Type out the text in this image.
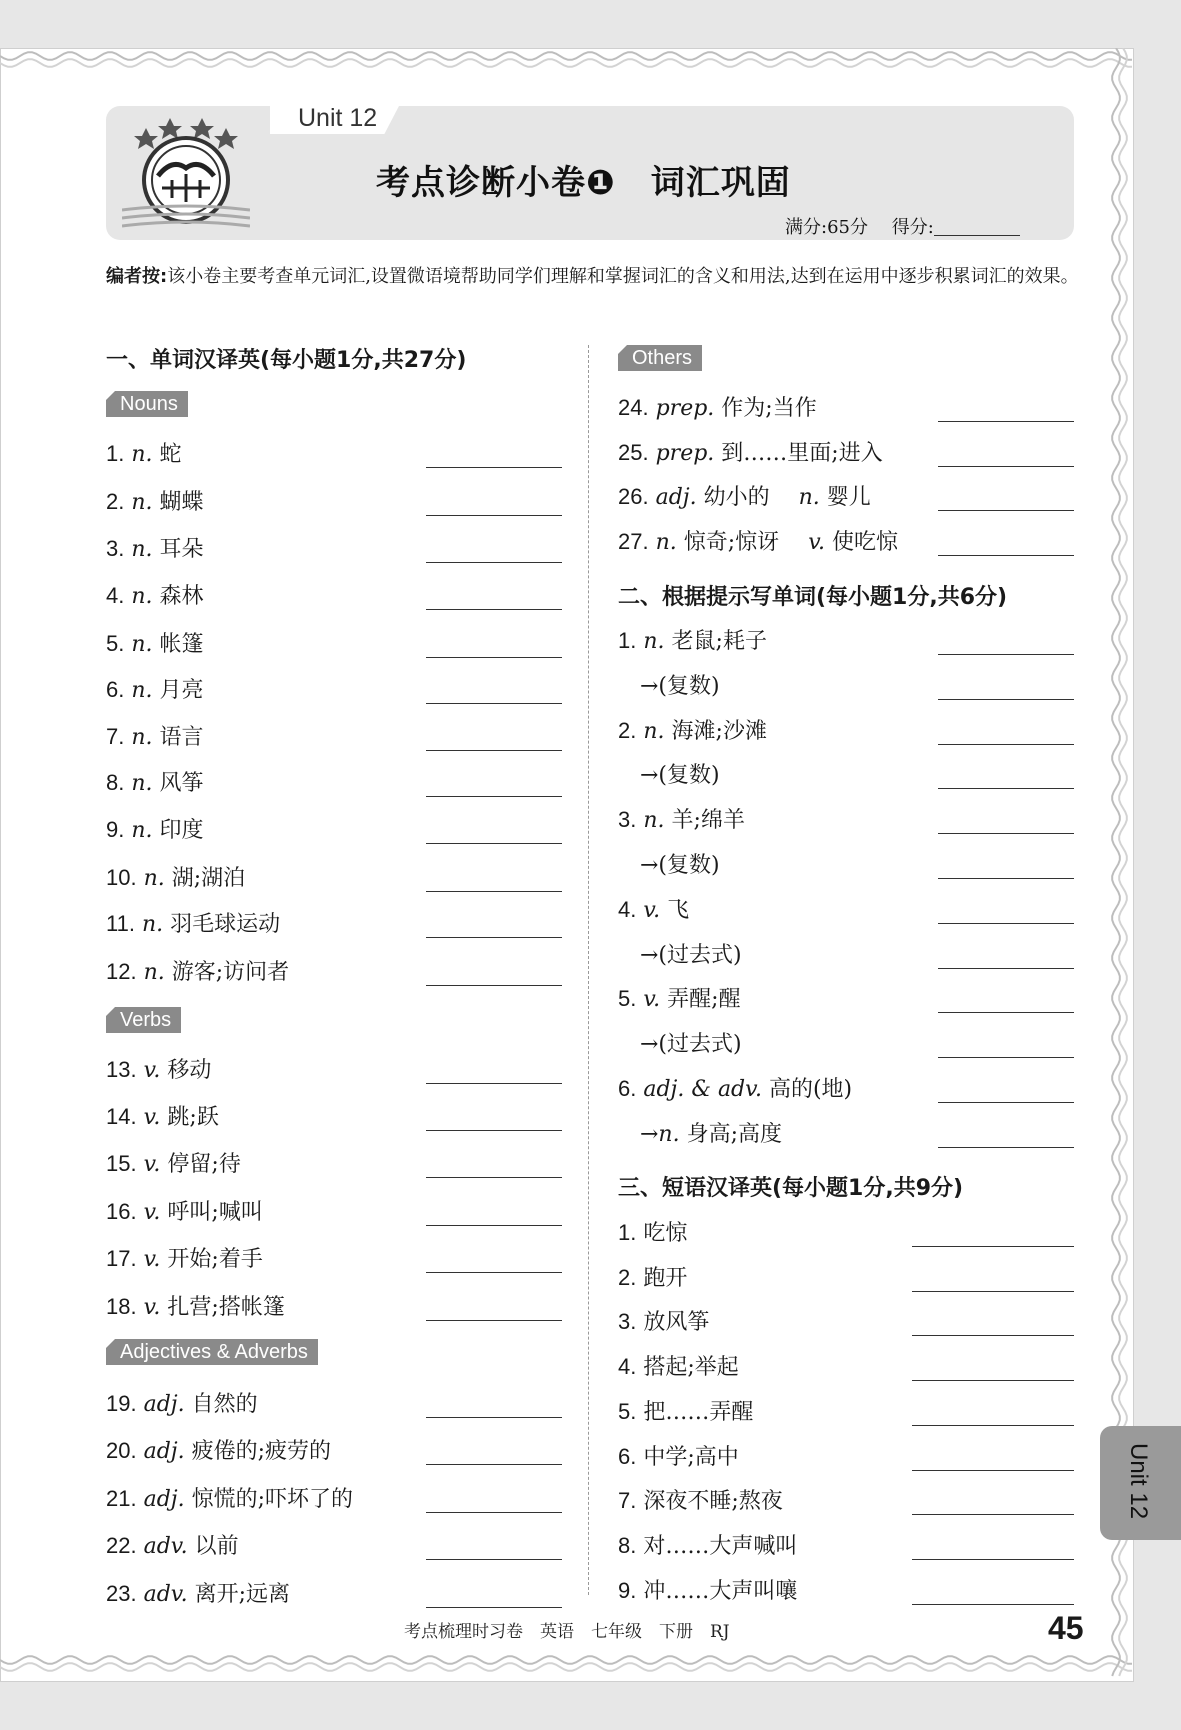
Unit 12
考点诊断小卷❶　词汇巩固
满分:65分　 得分:
编者按:该小卷主要考查单元词汇,设置微语境帮助同学们理解和掌握词汇的含义和用法,达到在运用中逐步积累词汇的效果。
一、单词汉译英(每小题1分,共27分)
Nouns
1. n. 蛇
2. n. 蝴蝶
3. n. 耳朵
4. n. 森林
5. n. 帐篷
6. n. 月亮
7. n. 语言
8. n. 风筝
9. n. 印度
10. n. 湖;湖泊
11. n. 羽毛球运动
12. n. 游客;访问者
Verbs
13. v. 移动
14. v. 跳;跃
15. v. 停留;待
16. v. 呼叫;喊叫
17. v. 开始;着手
18. v. 扎营;搭帐篷
Adjectives & Adverbs
19. adj. 自然的
20. adj. 疲倦的;疲劳的
21. adj. 惊慌的;吓坏了的
22. adv. 以前
23. adv. 离开;远离
Others
24. prep. 作为;当作
25. prep. 到……里面;进入
26. adj. 幼小的　 n. 婴儿
27. n. 惊奇;惊讶　 v. 使吃惊
二、根据提示写单词(每小题1分,共6分)
1. n. 老鼠;耗子
→(复数)
2. n. 海滩;沙滩
→(复数)
3. n. 羊;绵羊
→(复数)
4. v. 飞
→(过去式)
5. v. 弄醒;醒
→(过去式)
6. adj. & adv. 高的(地)
→n. 身高;高度
三、短语汉译英(每小题1分,共9分)
1. 吃惊
2. 跑开
3. 放风筝
4. 搭起;举起
5. 把……弄醒
6. 中学;高中
7. 深夜不睡;熬夜
8. 对……大声喊叫
9. 冲……大声叫嚷
考点梳理时习卷　英语　七年级　下册　RJ	45
Unit 12
